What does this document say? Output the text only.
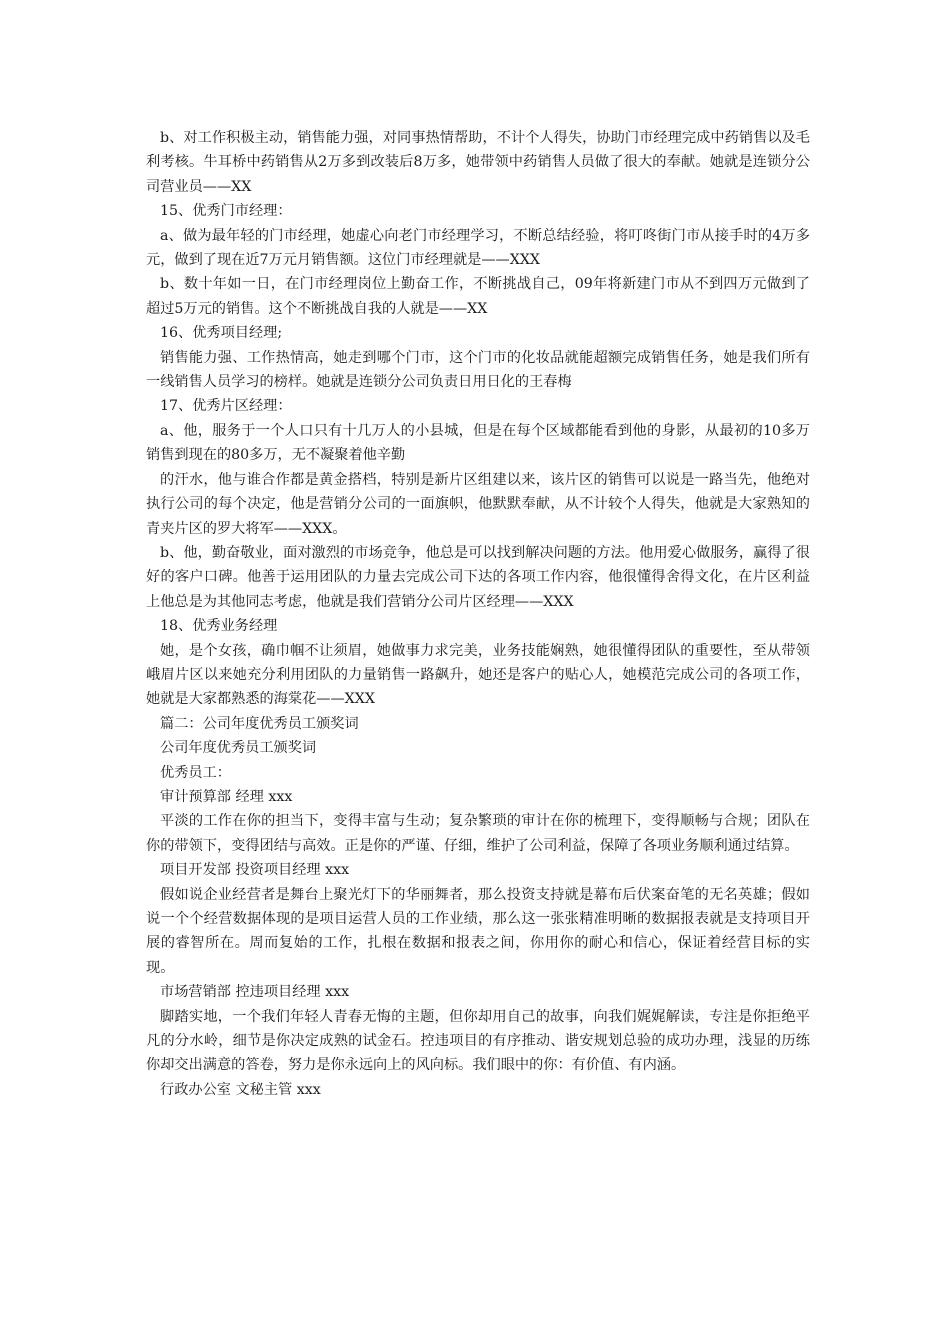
b、对工作积极主动，销售能力强，对同事热情帮助，不计个人得失，协助门市经理完成中药销售以及毛利考核。牛耳桥中药销售从2万多到改装后8万多，她带领中药销售人员做了很大的奉献。她就是连锁分公司营业员——XX

15、优秀门市经理：

a、做为最年轻的门市经理，她虚心向老门市经理学习，不断总结经验，将叮咚街门市从接手时的4万多元，做到了现在近7万元月销售额。这位门市经理就是——XXX

b、数十年如一日，在门市经理岗位上勤奋工作，不断挑战自己，09年将新建门市从不到四万元做到了超过5万元的销售。这个不断挑战自我的人就是——XX

16、优秀项目经理;

销售能力强、工作热情高，她走到哪个门市，这个门市的化妆品就能超额完成销售任务，她是我们所有一线销售人员学习的榜样。她就是连锁分公司负责日用日化的王春梅

17、优秀片区经理：

a、他，服务于一个人口只有十几万人的小县城，但是在每个区域都能看到他的身影，从最初的10多万销售到现在的80多万，无不凝聚着他辛勤

的汗水，他与谁合作都是黄金搭档，特别是新片区组建以来，该片区的销售可以说是一路当先，他绝对执行公司的每个决定，他是营销分公司的一面旗帜，他默默奉献，从不计较个人得失，他就是大家熟知的青夹片区的罗大将军——XXX。

b、他，勤奋敬业，面对激烈的市场竞争，他总是可以找到解决问题的方法。他用爱心做服务，赢得了很好的客户口碑。他善于运用团队的力量去完成公司下达的各项工作内容，他很懂得舍得文化，在片区利益上他总是为其他同志考虑，他就是我们营销分公司片区经理——XXX

18、优秀业务经理

她，是个女孩，确巾帼不让须眉，她做事力求完美，业务技能娴熟，她很懂得团队的重要性，至从带领峨眉片区以来她充分利用团队的力量销售一路飙升，她还是客户的贴心人，她模范完成公司的各项工作，她就是大家都熟悉的海棠花——XXX

篇二：公司年度优秀员工颁奖词

公司年度优秀员工颁奖词

优秀员工：

审计预算部 经理 xxx

平淡的工作在你的担当下，变得丰富与生动；复杂繁琐的审计在你的梳理下，变得顺畅与合规；团队在你的带领下，变得团结与高效。正是你的严谨、仔细，维护了公司利益，保障了各项业务顺利通过结算。

项目开发部 投资项目经理 xxx

假如说企业经营者是舞台上聚光灯下的华丽舞者，那么投资支持就是幕布后伏案奋笔的无名英雄；假如说一个个经营数据体现的是项目运营人员的工作业绩，那么这一张张精准明晰的数据报表就是支持项目开展的睿智所在。周而复始的工作，扎根在数据和报表之间，你用你的耐心和信心，保证着经营目标的实现。

市场营销部 控违项目经理 xxx

脚踏实地，一个我们年轻人青春无悔的主题，但你却用自己的故事，向我们娓娓解读，专注是你拒绝平凡的分水岭，细节是你决定成熟的试金石。控违项目的有序推动、谐安规划总验的成功办理，浅显的历练你却交出满意的答卷，努力是你永远向上的风向标。我们眼中的你：有价值、有内涵。

行政办公室 文秘主管 xxx
